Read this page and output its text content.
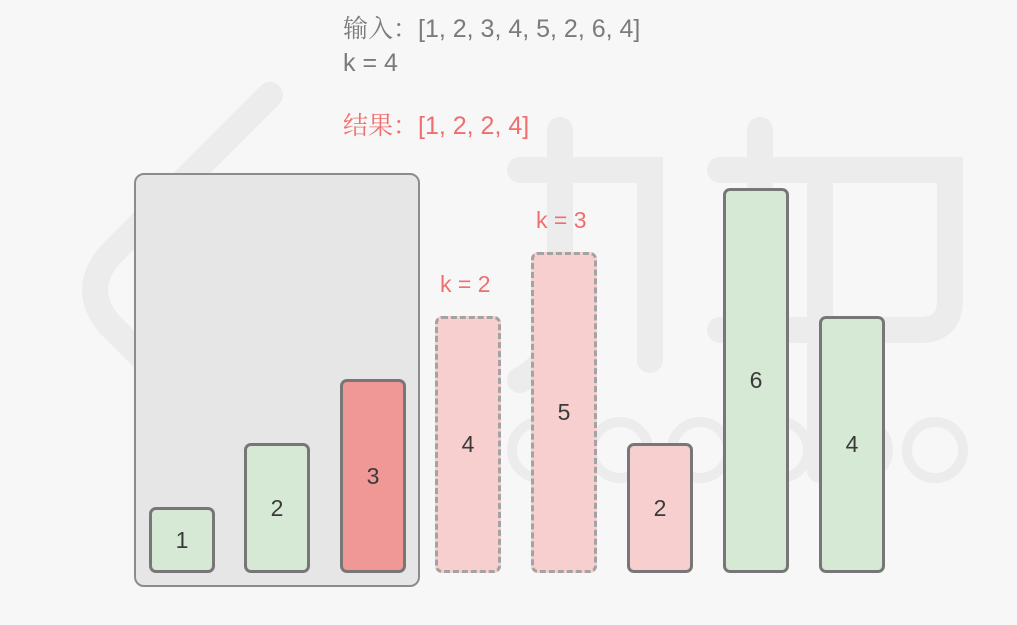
输入：[1, 2, 3, 4, 5, 2, 6, 4]
k = 4
结果：[1, 2, 2, 4]
1
2
3
k = 2
4
k = 3
5
2
6
4
